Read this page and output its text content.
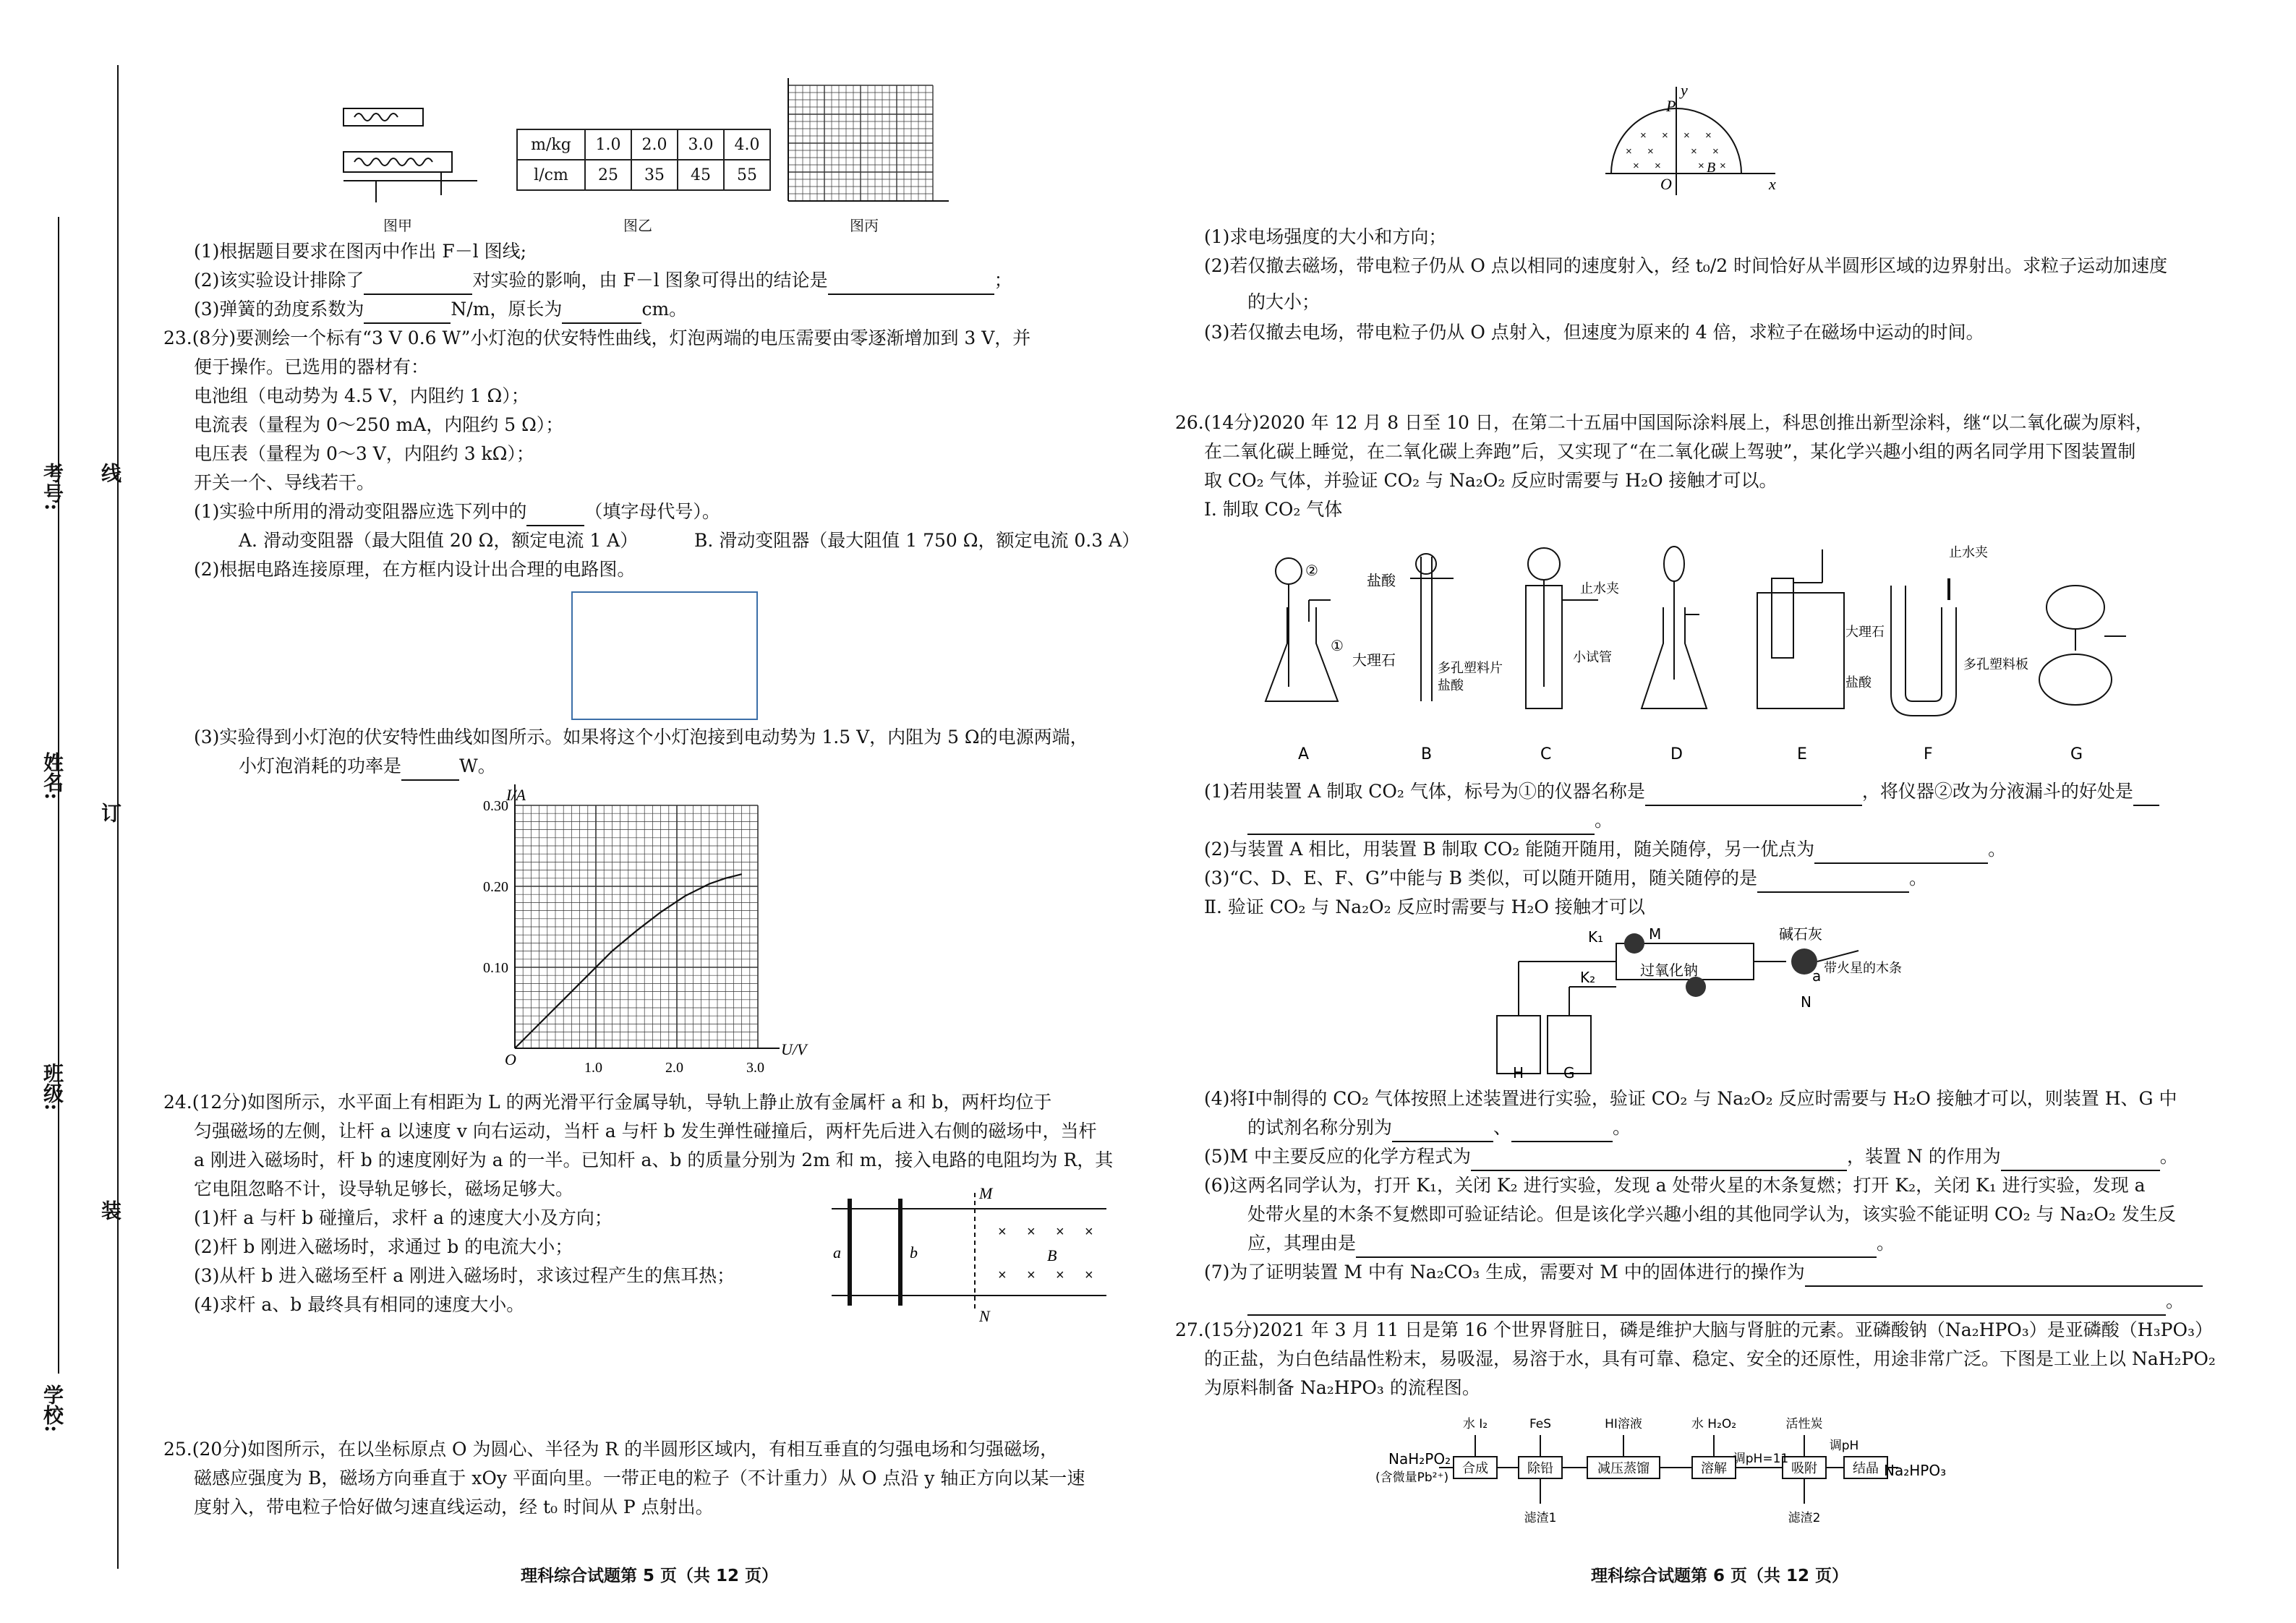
考号:
姓名:
班级:
学校:
线
订
装
m/kg	1.0	2.0	3.0	4.0
l/cm	25	35	45	55
图甲	图乙	图丙
(1)根据题目要求在图丙中作出 F－l 图线;
(2)该实验设计排除了	对实验的影响，由 F－l 图象可得出的结论是	；
(3)弹簧的劲度系数为	N/m，原长为	cm。
23.(8分)要测绘一个标有“3 V 0.6 W”小灯泡的伏安特性曲线，灯泡两端的电压需要由零逐渐增加到 3 V，并
便于操作。已选用的器材有：
电池组（电动势为 4.5 V，内阻约 1 Ω）；
电流表（量程为 0～250 mA，内阻约 5 Ω）；
电压表（量程为 0～3 V，内阻约 3 kΩ）；
开关一个、导线若干。
(1)实验中所用的滑动变阻器应选下列中的	（填字母代号）。
A. 滑动变阻器（最大阻值 20 Ω，额定电流 1 A）	B. 滑动变阻器（最大阻值 1 750 Ω，额定电流 0.3 A）
(2)根据电路连接原理，在方框内设计出合理的电路图。
(3)实验得到小灯泡的伏安特性曲线如图所示。如果将这个小灯泡接到电动势为 1.5 V，内阻为 5 Ω的电源两端，
小灯泡消耗的功率是	W。
I/A
U/V
O
0.30
0.20
0.10
1.0	2.0	3.0
24.(12分)如图所示，水平面上有相距为 L 的两光滑平行金属导轨，导轨上静止放有金属杆 a 和 b，两杆均位于
匀强磁场的左侧，让杆 a 以速度 v 向右运动，当杆 a 与杆 b 发生弹性碰撞后，两杆先后进入右侧的磁场中，当杆
a 刚进入磁场时，杆 b 的速度刚好为 a 的一半。已知杆 a、b 的质量分别为 2m 和 m，接入电路的电阻均为 R，其
它电阻忽略不计，设导轨足够长，磁场足够大。
(1)杆 a 与杆 b 碰撞后，求杆 a 的速度大小及方向；
(2)杆 b 刚进入磁场时，求通过 b 的电流大小；
(3)从杆 b 进入磁场至杆 a 刚进入磁场时，求该过程产生的焦耳热；
(4)求杆 a、b 最终具有相同的速度大小。
M
N
a	b
× × × ×
× × × ×
B
25.(20分)如图所示，在以坐标原点 O 为圆心、半径为 R 的半圆形区域内，有相互垂直的匀强电场和匀强磁场，
磁感应强度为 B，磁场方向垂直于 xOy 平面向里。一带正电的粒子（不计重力）从 O 点沿 y 轴正方向以某一速
度射入，带电粒子恰好做匀速直线运动，经 t₀ 时间从 P 点射出。
理科综合试题第 5 页（共 12 页）
× × × ×
× ×	× ×
× ×	× ×
P
y
O	x
B
(1)求电场强度的大小和方向；
(2)若仅撤去磁场，带电粒子仍从 O 点以相同的速度射入，经 t₀/2 时间恰好从半圆形区域的边界射出。求粒子运动加速度
的大小；
(3)若仅撤去电场，带电粒子仍从 O 点射入，但速度为原来的 4 倍，求粒子在磁场中运动的时间。
26.(14分)2020 年 12 月 8 日至 10 日，在第二十五届中国国际涂料展上，科思创推出新型涂料，继“以二氧化碳为原料，
在二氧化碳上睡觉，在二氧化碳上奔跑”后，又实现了“在二氧化碳上驾驶”，某化学兴趣小组的两名同学用下图装置制
取 CO₂ 气体，并验证 CO₂ 与 Na₂O₂ 反应时需要与 H₂O 接触才可以。
Ⅰ. 制取 CO₂ 气体
②
①
盐酸
大理石	多孔塑料片
盐酸
止水夹
小试管
大理石
盐酸
止水夹
多孔塑料板
A	B	C	D	E	F	G
(1)若用装置 A 制取 CO₂ 气体，标号为①的仪器名称是	，将仪器②改为分液漏斗的好处是
。
(2)与装置 A 相比，用装置 B 制取 CO₂ 能随开随用，随关随停，另一优点为	。
(3)“C、D、E、F、G”中能与 B 类似，可以随开随用，随关随停的是	。
Ⅱ. 验证 CO₂ 与 Na₂O₂ 反应时需要与 H₂O 接触才可以
K₁
K₂
M
过氧化钠
碱石灰
带火星的木条
a
N
H	G
(4)将Ⅰ中制得的 CO₂ 气体按照上述装置进行实验，验证 CO₂ 与 Na₂O₂ 反应时需要与 H₂O 接触才可以，则装置 H、G 中
的试剂名称分别为	、	。
(5)M 中主要反应的化学方程式为	，装置 N 的作用为	。
(6)这两名同学认为，打开 K₁，关闭 K₂ 进行实验，发现 a 处带火星的木条复燃；打开 K₂，关闭 K₁ 进行实验，发现 a
处带火星的木条不复燃即可验证结论。但是该化学兴趣小组的其他同学认为，该实验不能证明 CO₂ 与 Na₂O₂ 发生反
应，其理由是	。
(7)为了证明装置 M 中有 Na₂CO₃ 生成，需要对 M 中的固体进行的操作为
。
27.(15分)2021 年 3 月 11 日是第 16 个世界肾脏日，磷是维护大脑与肾脏的元素。亚磷酸钠（Na₂HPO₃）是亚磷酸（H₃PO₃）
的正盐，为白色结晶性粉末，易吸湿，易溶于水，具有可靠、稳定、安全的还原性，用途非常广泛。下图是工业上以 NaH₂PO₂
为原料制备 Na₂HPO₃ 的流程图。
NaH₂PO₂
(含微量Pb²⁺)	Na₂HPO₃
合成	除铅	减压蒸馏	溶解	吸附	结晶
水 I₂	FeS	HI溶液	水 H₂O₂	活性炭
调pH=11
调pH
滤渣1	滤渣2
理科综合试题第 6 页（共 12 页）
